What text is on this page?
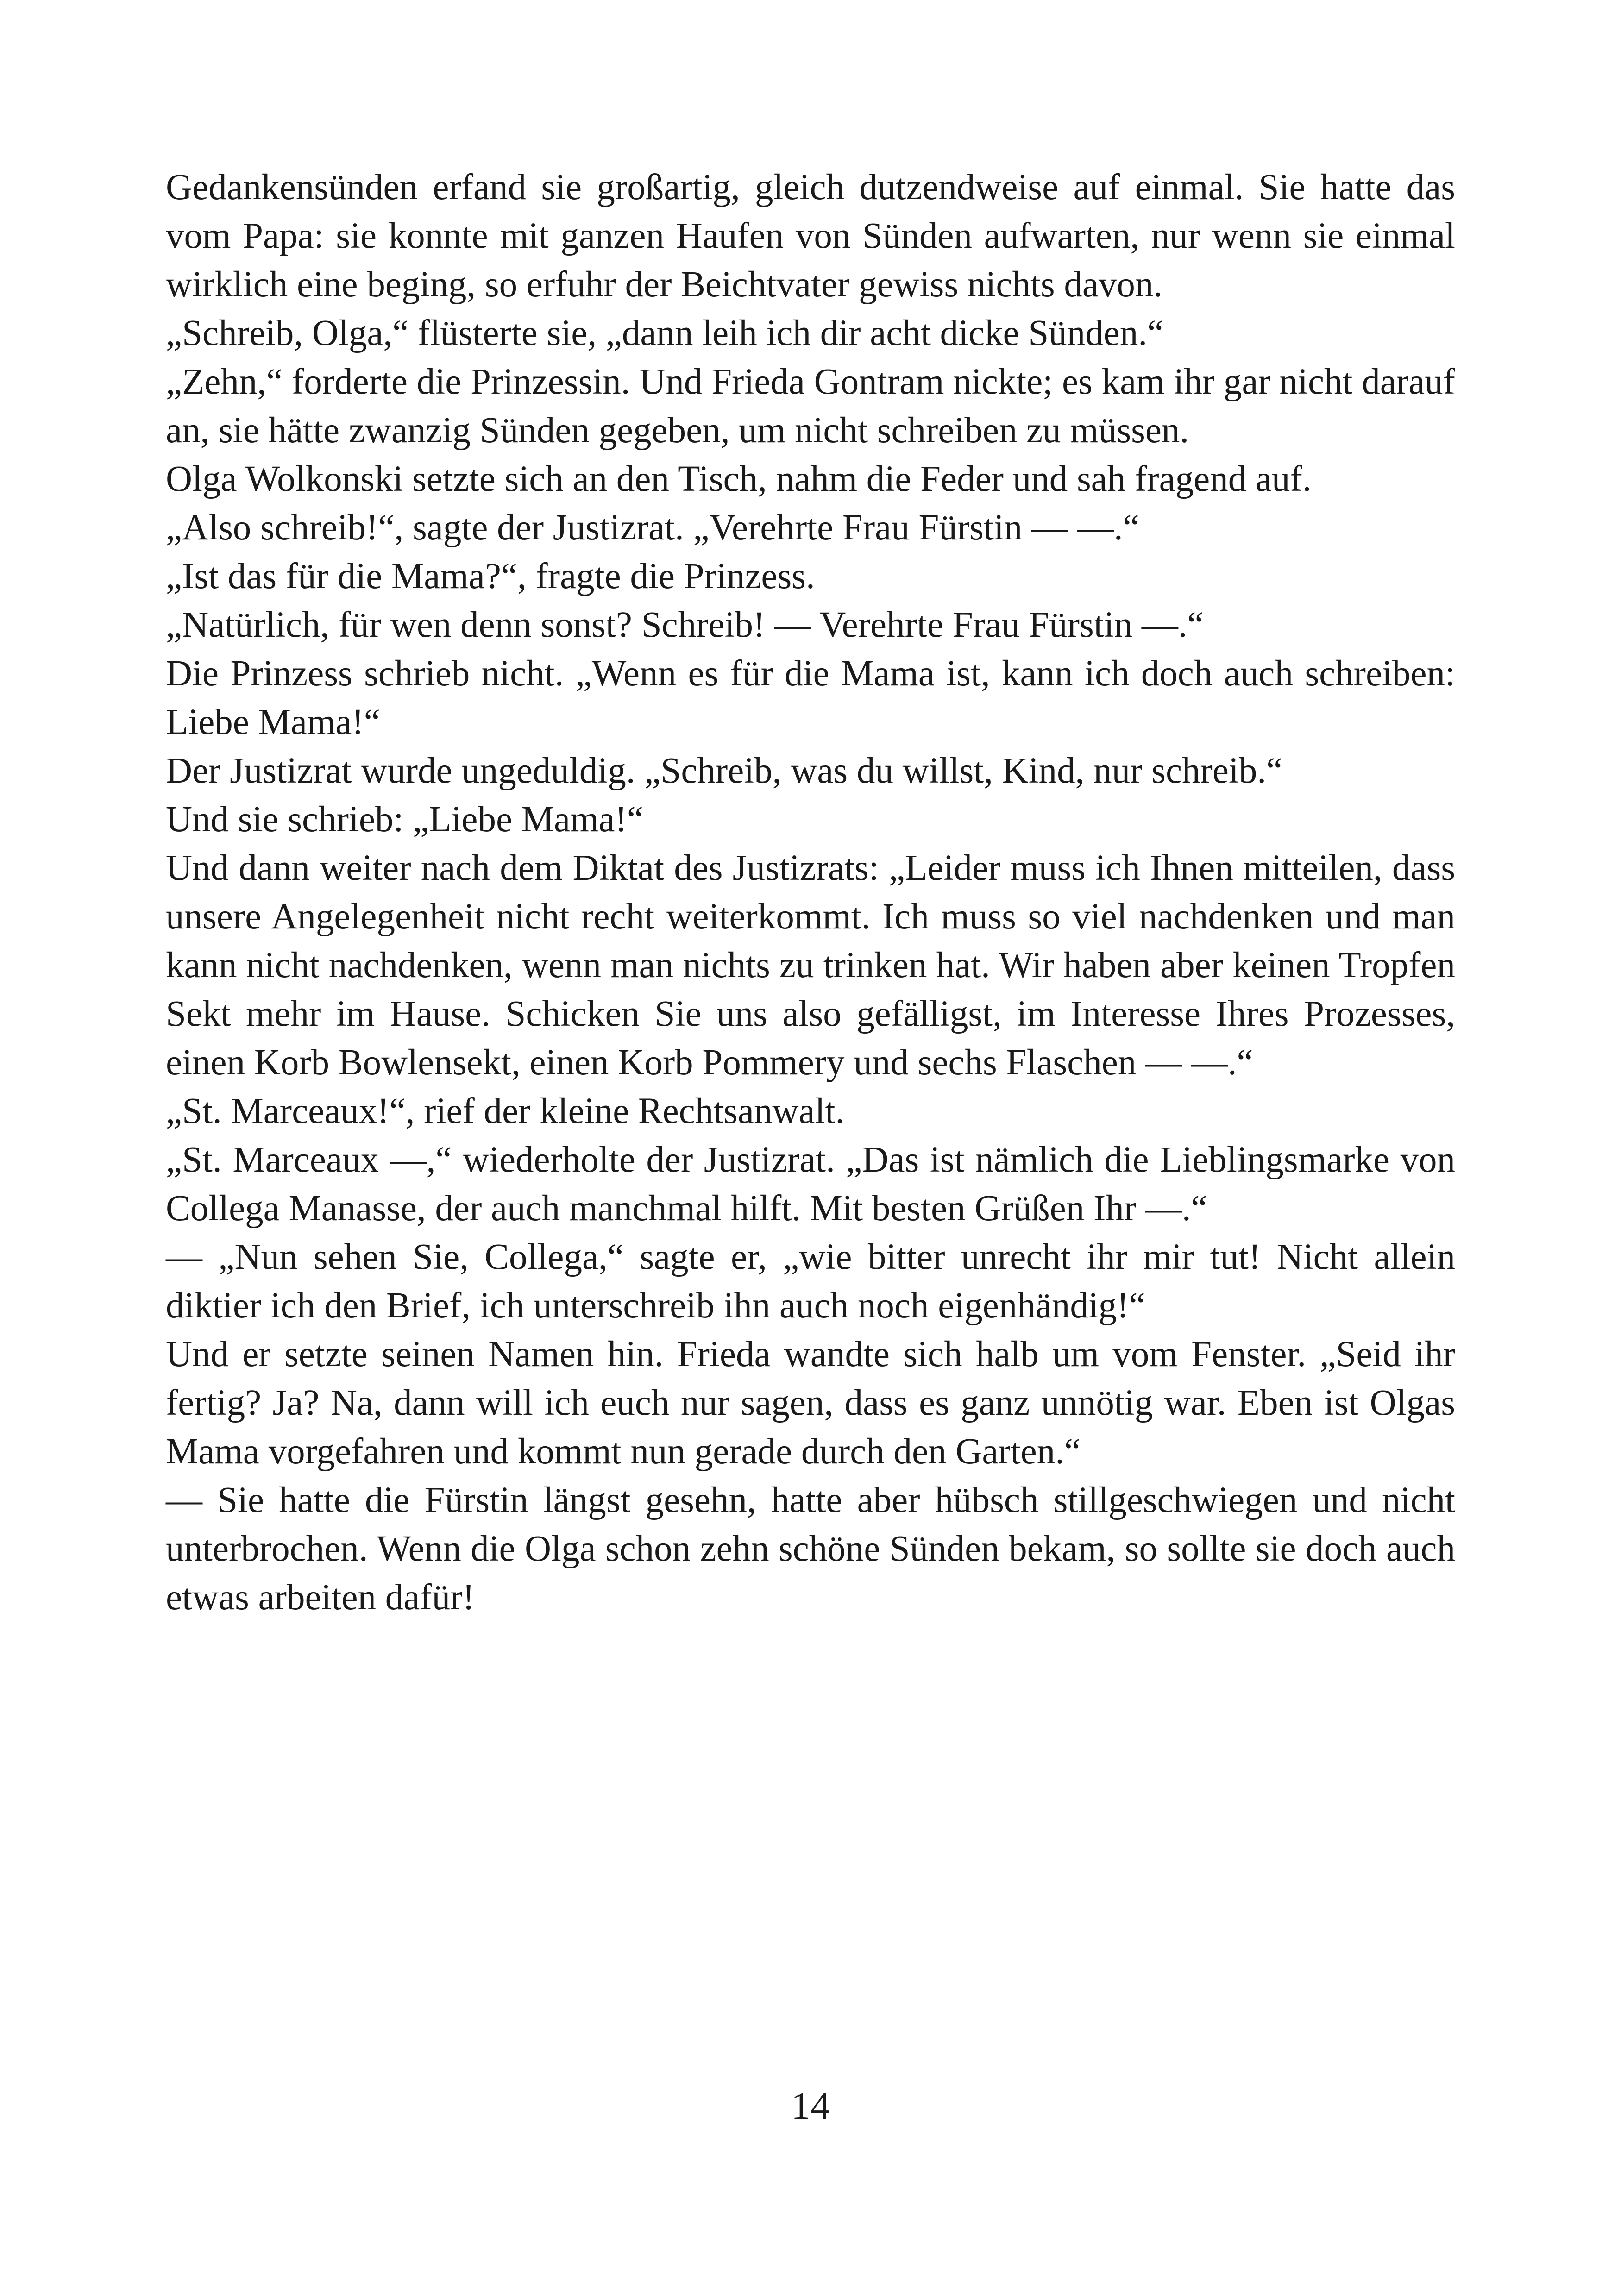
Gedankensünden erfand sie großartig, gleich dutzendweise auf einmal. Sie hatte das vom Papa: sie konnte mit ganzen Haufen von Sünden aufwarten, nur wenn sie einmal wirklich eine beging, so erfuhr der Beichtvater gewiss nichts davon.

„Schreib, Olga,“ flüsterte sie, „dann leih ich dir acht dicke Sünden.“

„Zehn,“ forderte die Prinzessin. Und Frieda Gontram nickte; es kam ihr gar nicht darauf an, sie hätte zwanzig Sünden gegeben, um nicht schreiben zu müssen.

Olga Wolkonski setzte sich an den Tisch, nahm die Feder und sah fragend auf.

„Also schreib!“, sagte der Justizrat. „Verehrte Frau Fürstin — —.“

„Ist das für die Mama?“, fragte die Prinzess.

„Natürlich, für wen denn sonst? Schreib! — Verehrte Frau Fürstin —.“

Die Prinzess schrieb nicht. „Wenn es für die Mama ist, kann ich doch auch schreiben: Liebe Mama!“

Der Justizrat wurde ungeduldig. „Schreib, was du willst, Kind, nur schreib.“

Und sie schrieb: „Liebe Mama!“

Und dann weiter nach dem Diktat des Justizrats: „Leider muss ich Ihnen mitteilen, dass unsere Angelegenheit nicht recht weiterkommt. Ich muss so viel nachdenken und man kann nicht nachdenken, wenn man nichts zu trinken hat. Wir haben aber keinen Tropfen Sekt mehr im Hause. Schicken Sie uns also gefälligst, im Interesse Ihres Prozesses, einen Korb Bowlensekt, einen Korb Pommery und sechs Flaschen — —.“

„St. Marceaux!“, rief der kleine Rechtsanwalt.

„St. Marceaux —,“ wiederholte der Justizrat. „Das ist nämlich die Lieblingsmarke von Collega Manasse, der auch manchmal hilft. Mit besten Grüßen Ihr —.“

— „Nun sehen Sie, Collega,“ sagte er, „wie bitter unrecht ihr mir tut! Nicht allein diktier ich den Brief, ich unterschreib ihn auch noch eigenhändig!“

Und er setzte seinen Namen hin. Frieda wandte sich halb um vom Fenster. „Seid ihr fertig? Ja? Na, dann will ich euch nur sagen, dass es ganz unnötig war. Eben ist Olgas Mama vorgefahren und kommt nun gerade durch den Garten.“

— Sie hatte die Fürstin längst gesehn, hatte aber hübsch stillgeschwiegen und nicht unterbrochen. Wenn die Olga schon zehn schöne Sünden bekam, so sollte sie doch auch etwas arbeiten dafür!

14
